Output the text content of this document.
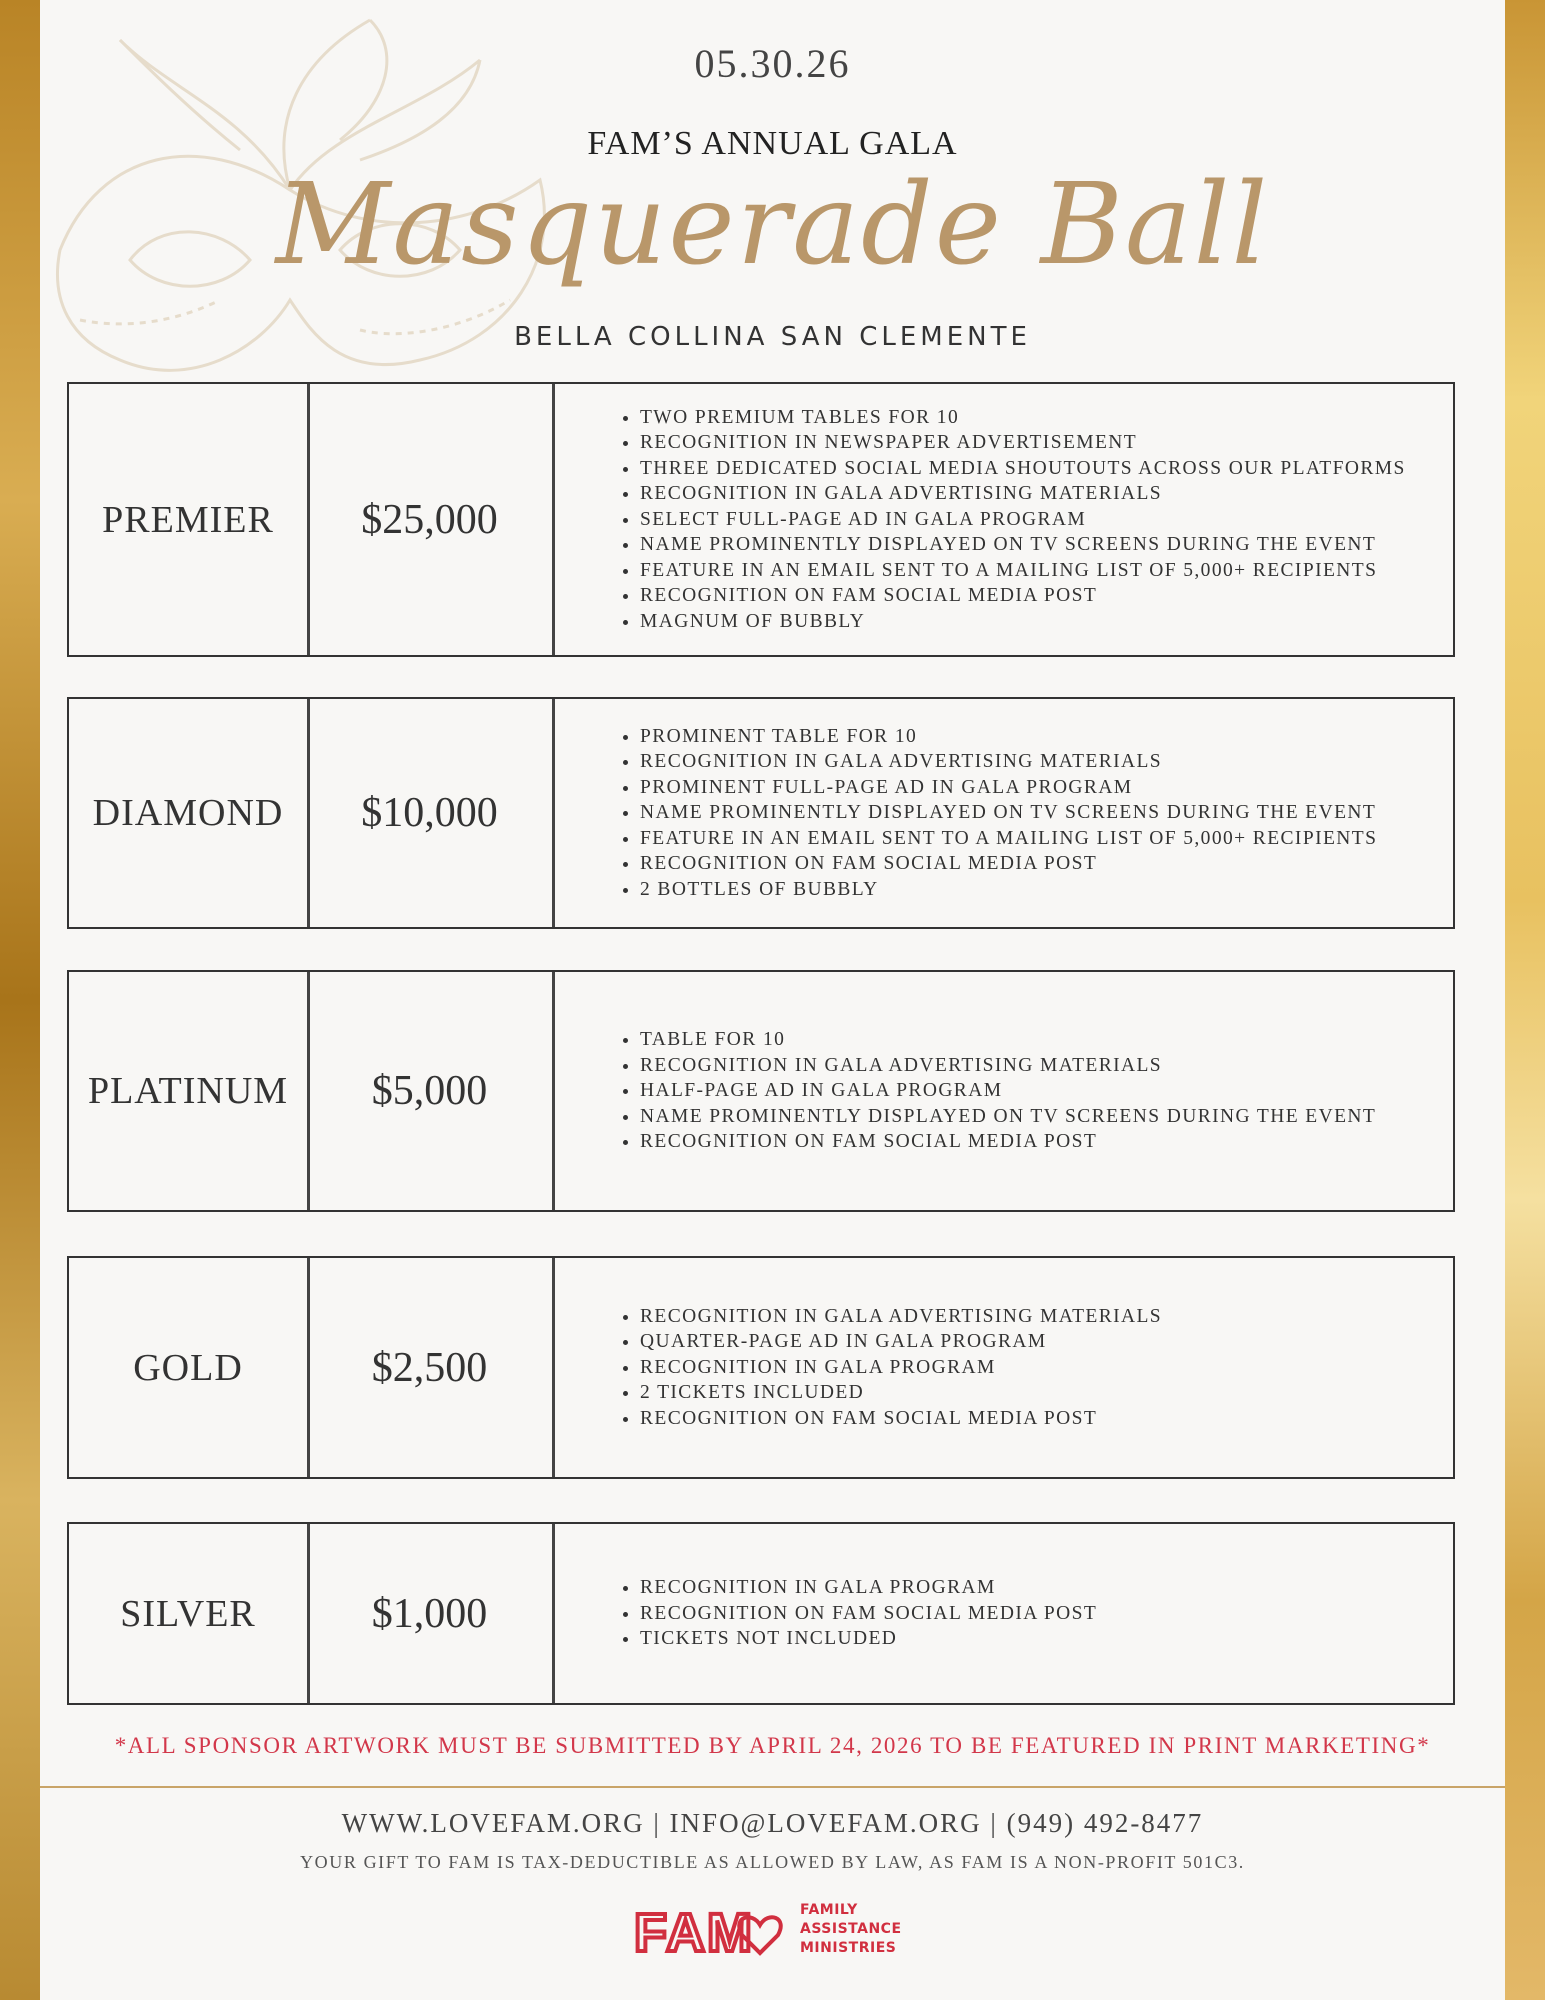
05.30.26
FAM’S ANNUAL GALA
Masquerade Ball
BELLA COLLINA SAN CLEMENTE
PREMIER	$25,000
• TWO PREMIUM TABLES FOR 10
• RECOGNITION IN NEWSPAPER ADVERTISEMENT
• THREE DEDICATED SOCIAL MEDIA SHOUTOUTS ACROSS OUR PLATFORMS
• RECOGNITION IN GALA ADVERTISING MATERIALS
• SELECT FULL-PAGE AD IN GALA PROGRAM
• NAME PROMINENTLY DISPLAYED ON TV SCREENS DURING THE EVENT
• FEATURE IN AN EMAIL SENT TO A MAILING LIST OF 5,000+ RECIPIENTS
• RECOGNITION ON FAM SOCIAL MEDIA POST
• MAGNUM OF BUBBLY
DIAMOND	$10,000
• PROMINENT TABLE FOR 10
• RECOGNITION IN GALA ADVERTISING MATERIALS
• PROMINENT FULL-PAGE AD IN GALA PROGRAM
• NAME PROMINENTLY DISPLAYED ON TV SCREENS DURING THE EVENT
• FEATURE IN AN EMAIL SENT TO A MAILING LIST OF 5,000+ RECIPIENTS
• RECOGNITION ON FAM SOCIAL MEDIA POST
• 2 BOTTLES OF BUBBLY
PLATINUM	$5,000
• TABLE FOR 10
• RECOGNITION IN GALA ADVERTISING MATERIALS
• HALF-PAGE AD IN GALA PROGRAM
• NAME PROMINENTLY DISPLAYED ON TV SCREENS DURING THE EVENT
• RECOGNITION ON FAM SOCIAL MEDIA POST
GOLD	$2,500
• RECOGNITION IN GALA ADVERTISING MATERIALS
• QUARTER-PAGE AD IN GALA PROGRAM
• RECOGNITION IN GALA PROGRAM
• 2 TICKETS INCLUDED
• RECOGNITION ON FAM SOCIAL MEDIA POST
SILVER	$1,000
• RECOGNITION IN GALA PROGRAM
• RECOGNITION ON FAM SOCIAL MEDIA POST
• TICKETS NOT INCLUDED
*ALL SPONSOR ARTWORK MUST BE SUBMITTED BY APRIL 24, 2026 TO BE FEATURED IN PRINT MARKETING*
WWW.LOVEFAM.ORG | INFO@LOVEFAM.ORG | (949) 492-8477
YOUR GIFT TO FAM IS TAX-DEDUCTIBLE AS ALLOWED BY LAW, AS FAM IS A NON-PROFIT 501C3.
FAM	FAMILY
ASSISTANCE
MINISTRIES
